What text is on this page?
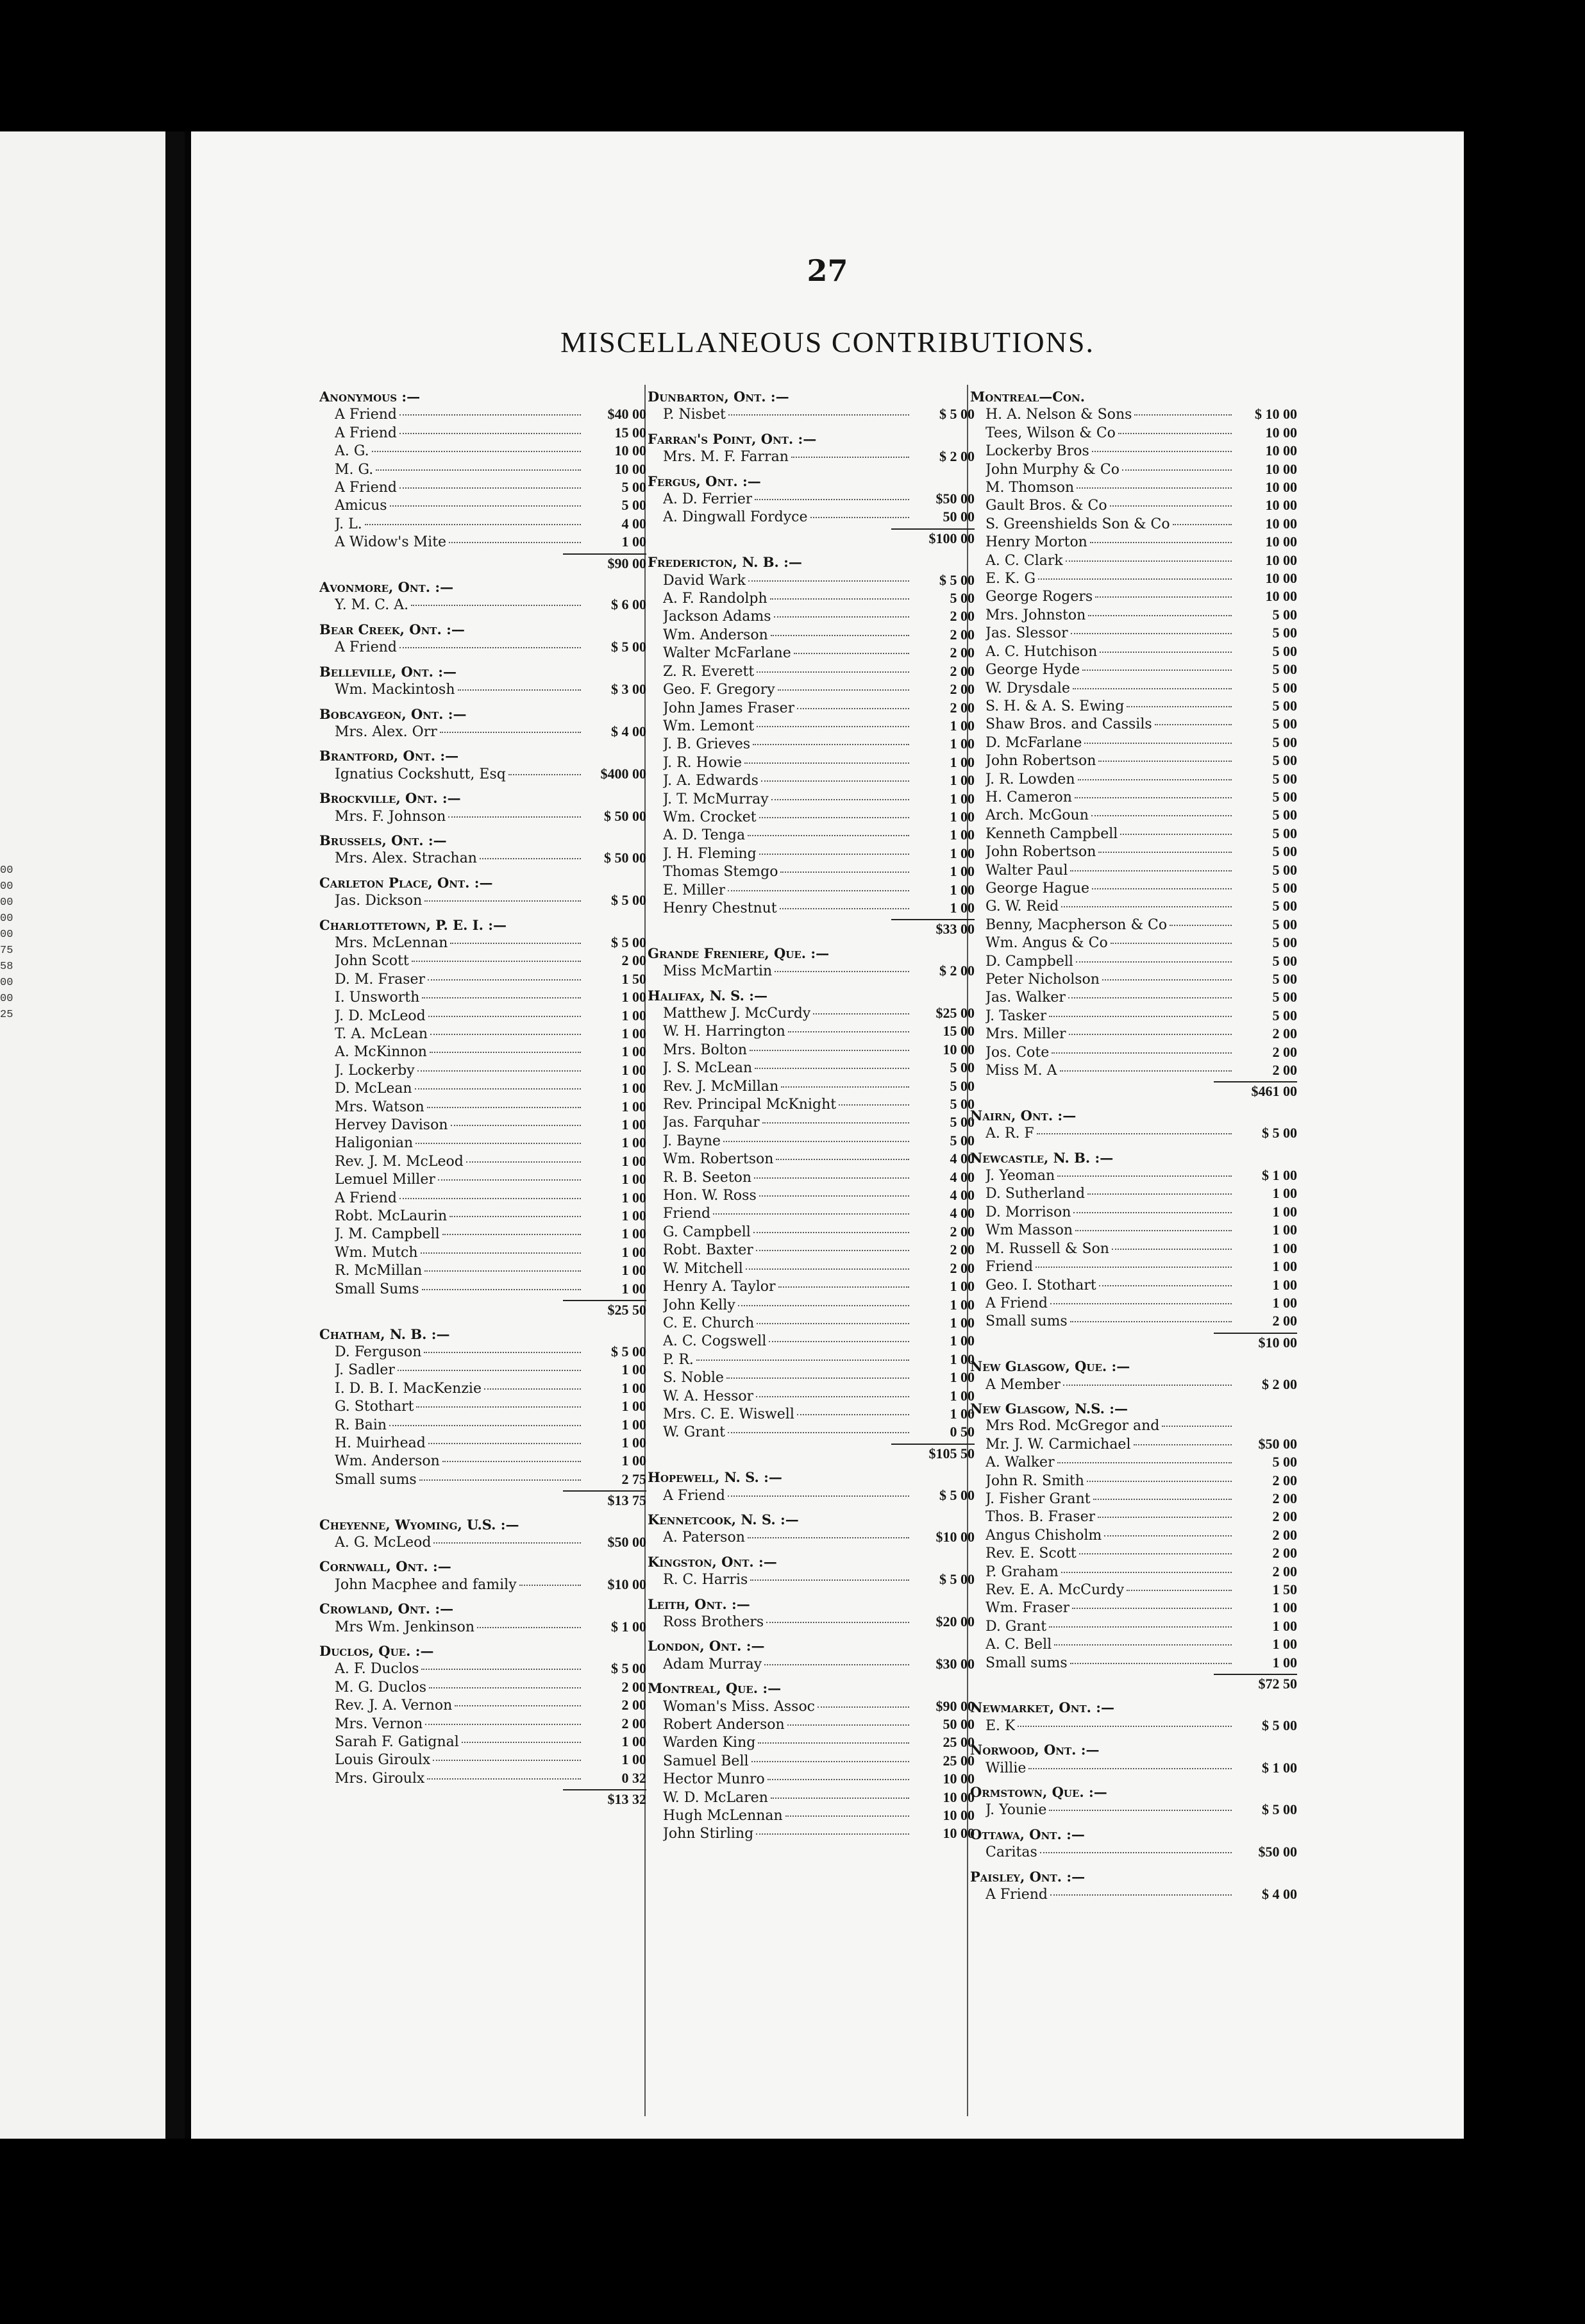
00
00
00
00
00
75
58
00
00
25
27
MISCELLANEOUS CONTRIBUTIONS.
Anonymous :—
A Friend	$40 00
A Friend	15 00
A. G.	10 00
M. G.	10 00
A Friend	5 00
Amicus	5 00
J. L.	4 00
A Widow's Mite	1 00
$90 00
Avonmore, Ont. :—
Y. M. C. A.	$ 6 00
Bear Creek, Ont. :—
A Friend	$ 5 00
Belleville, Ont. :—
Wm. Mackintosh	$ 3 00
Bobcaygeon, Ont. :—
Mrs. Alex. Orr	$ 4 00
Brantford, Ont. :—
Ignatius Cockshutt, Esq	$400 00
Brockville, Ont. :—
Mrs. F. Johnson	$ 50 00
Brussels, Ont. :—
Mrs. Alex. Strachan	$ 50 00
Carleton Place, Ont. :—
Jas. Dickson	$ 5 00
Charlottetown, P. E. I. :—
Mrs. McLennan	$ 5 00
John Scott	2 00
D. M. Fraser	1 50
I. Unsworth	1 00
J. D. McLeod	1 00
T. A. McLean	1 00
A. McKinnon	1 00
J. Lockerby	1 00
D. McLean	1 00
Mrs. Watson	1 00
Hervey Davison	1 00
Haligonian	1 00
Rev. J. M. McLeod	1 00
Lemuel Miller	1 00
A Friend	1 00
Robt. McLaurin	1 00
J. M. Campbell	1 00
Wm. Mutch	1 00
R. McMillan	1 00
Small Sums	1 00
$25 50
Chatham, N. B. :—
D. Ferguson	$ 5 00
J. Sadler	1 00
I. D. B. I. MacKenzie	1 00
G. Stothart	1 00
R. Bain	1 00
H. Muirhead	1 00
Wm. Anderson	1 00
Small sums	2 75
$13 75
Cheyenne, Wyoming, U.S. :—
A. G. McLeod	$50 00
Cornwall, Ont. :—
John Macphee and family	$10 00
Crowland, Ont. :—
Mrs Wm. Jenkinson	$ 1 00
Duclos, Que. :—
A. F. Duclos	$ 5 00
M. G. Duclos	2 00
Rev. J. A. Vernon	2 00
Mrs. Vernon	2 00
Sarah F. Gatignal	1 00
Louis Giroulx	1 00
Mrs. Giroulx	0 32
$13 32
Dunbarton, Ont. :—
P. Nisbet	$ 5 00
Farran's Point, Ont. :—
Mrs. M. F. Farran	$ 2 00
Fergus, Ont. :—
A. D. Ferrier	$50 00
A. Dingwall Fordyce	50 00
$100 00
Fredericton, N. B. :—
David Wark	$ 5 00
A. F. Randolph	5 00
Jackson Adams	2 00
Wm. Anderson	2 00
Walter McFarlane	2 00
Z. R. Everett	2 00
Geo. F. Gregory	2 00
John James Fraser	2 00
Wm. Lemont	1 00
J. B. Grieves	1 00
J. R. Howie	1 00
J. A. Edwards	1 00
J. T. McMurray	1 00
Wm. Crocket	1 00
A. D. Tenga	1 00
J. H. Fleming	1 00
Thomas Stemgo	1 00
E. Miller	1 00
Henry Chestnut	1 00
$33 00
Grande Freniere, Que. :—
Miss McMartin	$ 2 00
Halifax, N. S. :—
Matthew J. McCurdy	$25 00
W. H. Harrington	15 00
Mrs. Bolton	10 00
J. S. McLean	5 00
Rev. J. McMillan	5 00
Rev. Principal McKnight	5 00
Jas. Farquhar	5 00
J. Bayne	5 00
Wm. Robertson	4 00
R. B. Seeton	4 00
Hon. W. Ross	4 00
Friend	4 00
G. Campbell	2 00
Robt. Baxter	2 00
W. Mitchell	2 00
Henry A. Taylor	1 00
John Kelly	1 00
C. E. Church	1 00
A. C. Cogswell	1 00
P. R.	1 00
S. Noble	1 00
W. A. Hessor	1 00
Mrs. C. E. Wiswell	1 00
W. Grant	0 50
$105 50
Hopewell, N. S. :—
A Friend	$ 5 00
Kennetcook, N. S. :—
A. Paterson	$10 00
Kingston, Ont. :—
R. C. Harris	$ 5 00
Leith, Ont. :—
Ross Brothers	$20 00
London, Ont. :—
Adam Murray	$30 00
Montreal, Que. :—
Woman's Miss. Assoc	$90 00
Robert Anderson	50 00
Warden King	25 00
Samuel Bell	25 00
Hector Munro	10 00
W. D. McLaren	10 00
Hugh McLennan	10 00
John Stirling	10 00
Montreal—Con.
H. A. Nelson & Sons	$ 10 00
Tees, Wilson & Co	10 00
Lockerby Bros	10 00
John Murphy & Co	10 00
M. Thomson	10 00
Gault Bros. & Co	10 00
S. Greenshields Son & Co	10 00
Henry Morton	10 00
A. C. Clark	10 00
E. K. G	10 00
George Rogers	10 00
Mrs. Johnston	5 00
Jas. Slessor	5 00
A. C. Hutchison	5 00
George Hyde	5 00
W. Drysdale	5 00
S. H. & A. S. Ewing	5 00
Shaw Bros. and Cassils	5 00
D. McFarlane	5 00
John Robertson	5 00
J. R. Lowden	5 00
H. Cameron	5 00
Arch. McGoun	5 00
Kenneth Campbell	5 00
John Robertson	5 00
Walter Paul	5 00
George Hague	5 00
G. W. Reid	5 00
Benny, Macpherson & Co	5 00
Wm. Angus & Co	5 00
D. Campbell	5 00
Peter Nicholson	5 00
Jas. Walker	5 00
J. Tasker	5 00
Mrs. Miller	2 00
Jos. Cote	2 00
Miss M. A	2 00
$461 00
Nairn, Ont. :—
A. R. F	$ 5 00
Newcastle, N. B. :—
J. Yeoman	$ 1 00
D. Sutherland	1 00
D. Morrison	1 00
Wm Masson	1 00
M. Russell & Son	1 00
Friend	1 00
Geo. I. Stothart	1 00
A Friend	1 00
Small sums	2 00
$10 00
New Glasgow, Que. :—
A Member	$ 2 00
New Glasgow, N.S. :—
Mrs Rod. McGregor and
Mr. J. W. Carmichael	$50 00
A. Walker	5 00
John R. Smith	2 00
J. Fisher Grant	2 00
Thos. B. Fraser	2 00
Angus Chisholm	2 00
Rev. E. Scott	2 00
P. Graham	2 00
Rev. E. A. McCurdy	1 50
Wm. Fraser	1 00
D. Grant	1 00
A. C. Bell	1 00
Small sums	1 00
$72 50
Newmarket, Ont. :—
E. K	$ 5 00
Norwood, Ont. :—
Willie	$ 1 00
Ormstown, Que. :—
J. Younie	$ 5 00
Ottawa, Ont. :—
Caritas	$50 00
Paisley, Ont. :—
A Friend	$ 4 00
